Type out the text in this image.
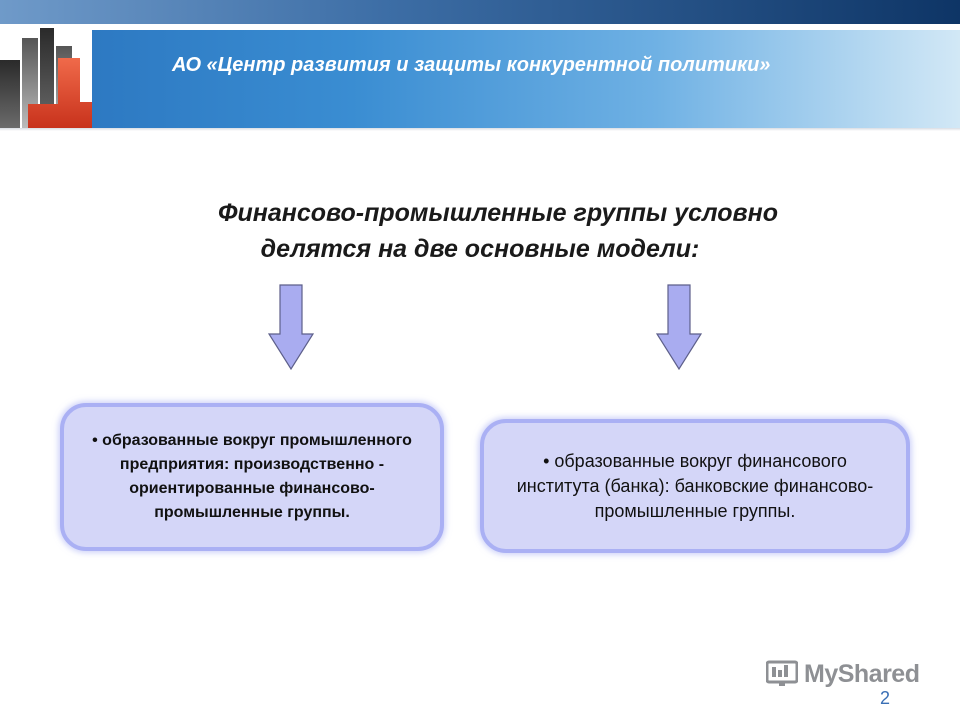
АО «Центр развития и защиты конкурентной политики»
Финансово-промышленные группы условно
делятся на две основные модели:
• образованные вокруг промышленного предприятия: производственно - ориентированные финансово-промышленные группы.
• образованные вокруг финансового института (банка): банковские финансово-промышленные группы.
MyShared
2
